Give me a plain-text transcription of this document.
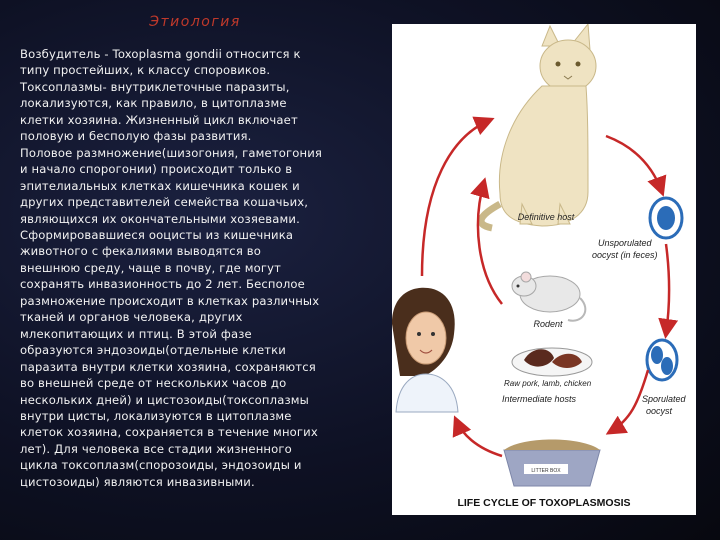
Этиология

Возбудитель - Toxoplasma gondii относится к
типу простейших, к классу споровиков.
Токсоплазмы- внутриклеточные паразиты,
локализуются, как правило, в цитоплазме
клетки хозяина. Жизненный цикл включает
половую и бесполую фазы развития.
Половое размножение(шизогония, гаметогония
и начало спорогонии) происходит только в
эпителиальных клетках кишечника кошек и
других представителей семейства кошачьих,
являющихся их окончательными хозяевами.
Сформировавшиеся ооцисты из кишечника
животного с фекалиями выводятся во
внешнюю среду, чаще в почву, где могут
сохранять инвазионность до 2 лет. Бесполое
размножение происходит в клетках различных
тканей и органов человека, других
млекопитающих и птиц. В этой фазе
образуются эндозоиды(отдельные клетки
паразита внутри клетки хозяина, сохраняются
во внешней среде от нескольких часов до
нескольких дней) и цистозоиды(токсоплазмы
внутри цисты, локализуются в цитоплазме
клеток хозяина, сохраняется в течение многих
лет). Для человека все стадии жизненного
цикла токсоплазм(спорозоиды, эндозоиды и
цистозоиды) являются инвазивными.

Definitive host
Unsporulated
oocyst (in feces)
Rodent
Raw pork, lamb, chicken
Intermediate hosts	Sporulated
oocyst
LITTER BOX
LIFE CYCLE OF TOXOPLASMOSIS
